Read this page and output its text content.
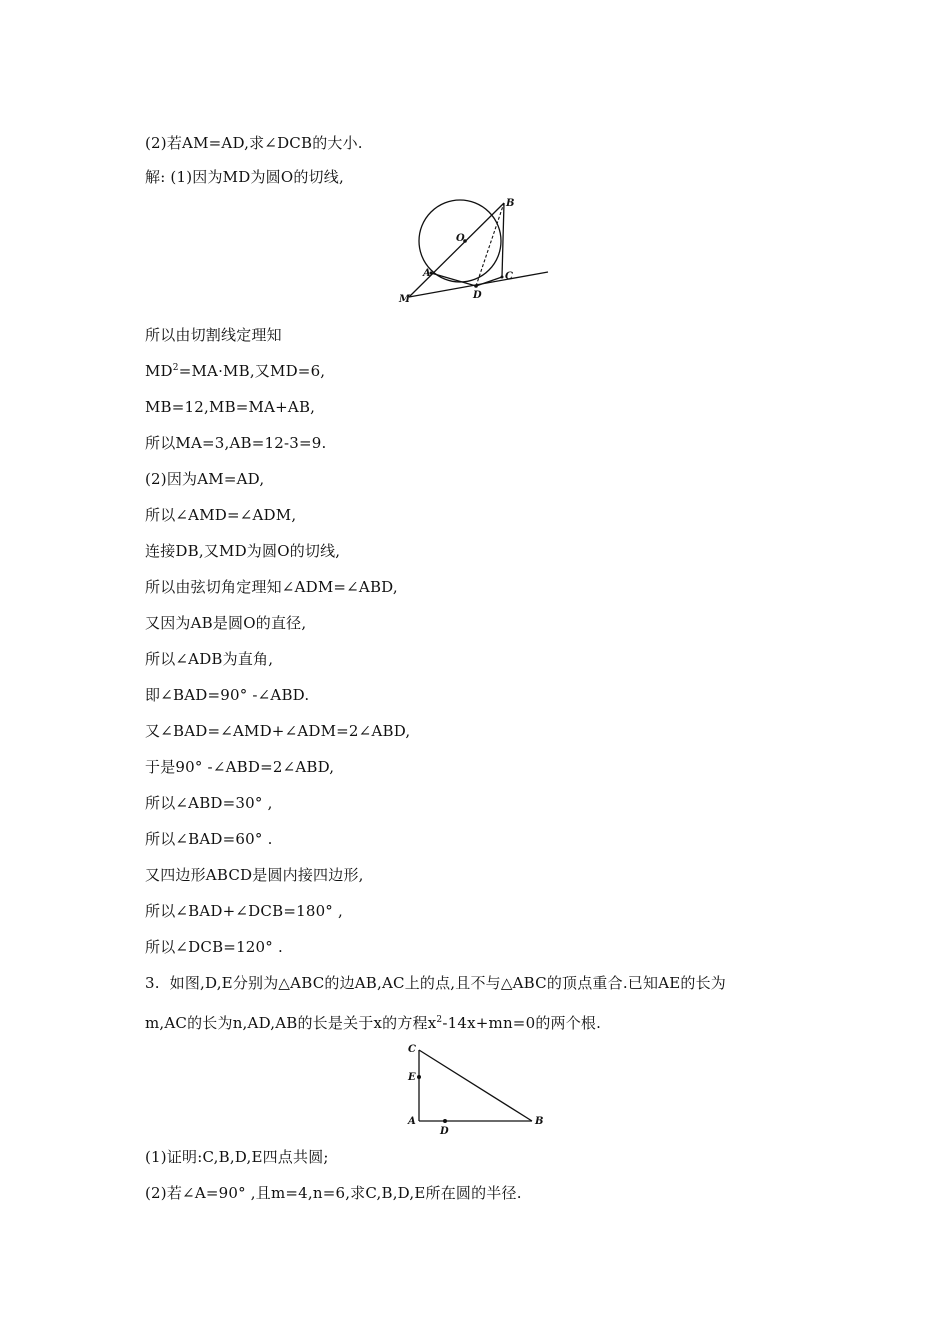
(2)若AM=AD,求∠DCB的大小.
解: (1)因为MD为圆O的切线,
B
O
A	C
D
M
所以由切割线定理知
$MD^2=MA\cdot MB$,又MD=6,
MB=12,MB=MA+AB,
所以MA=3,AB=12-3=9.
(2)因为AM=AD,
所以∠AMD=∠ADM,
连接DB,又MD为圆O的切线,
所以由弦切角定理知∠ADM=∠ABD,
又因为AB是圆O的直径,
所以∠ADB为直角,
即∠BAD=90° -∠ABD.
又∠BAD=∠AMD+∠ADM=2∠ABD,
于是90° -∠ABD=2∠ABD,
所以∠ABD=30° ,
所以∠BAD=60° .
又四边形ABCD是圆内接四边形,
所以∠BAD+∠DCB=180° ,
所以∠DCB=120° .
3.  如图,D,E分别为△ABC的边AB,AC上的点,且不与△ABC的顶点重合.已知AE的长为
m,AC的长为n,AD,AB的长是关于x的方程$x^2-14x+mn=0$的两个根.
C
E
A
D
B
(1)证明:C,B,D,E四点共圆;
(2)若∠A=90° ,且m=4,n=6,求C,B,D,E所在圆的半径.
